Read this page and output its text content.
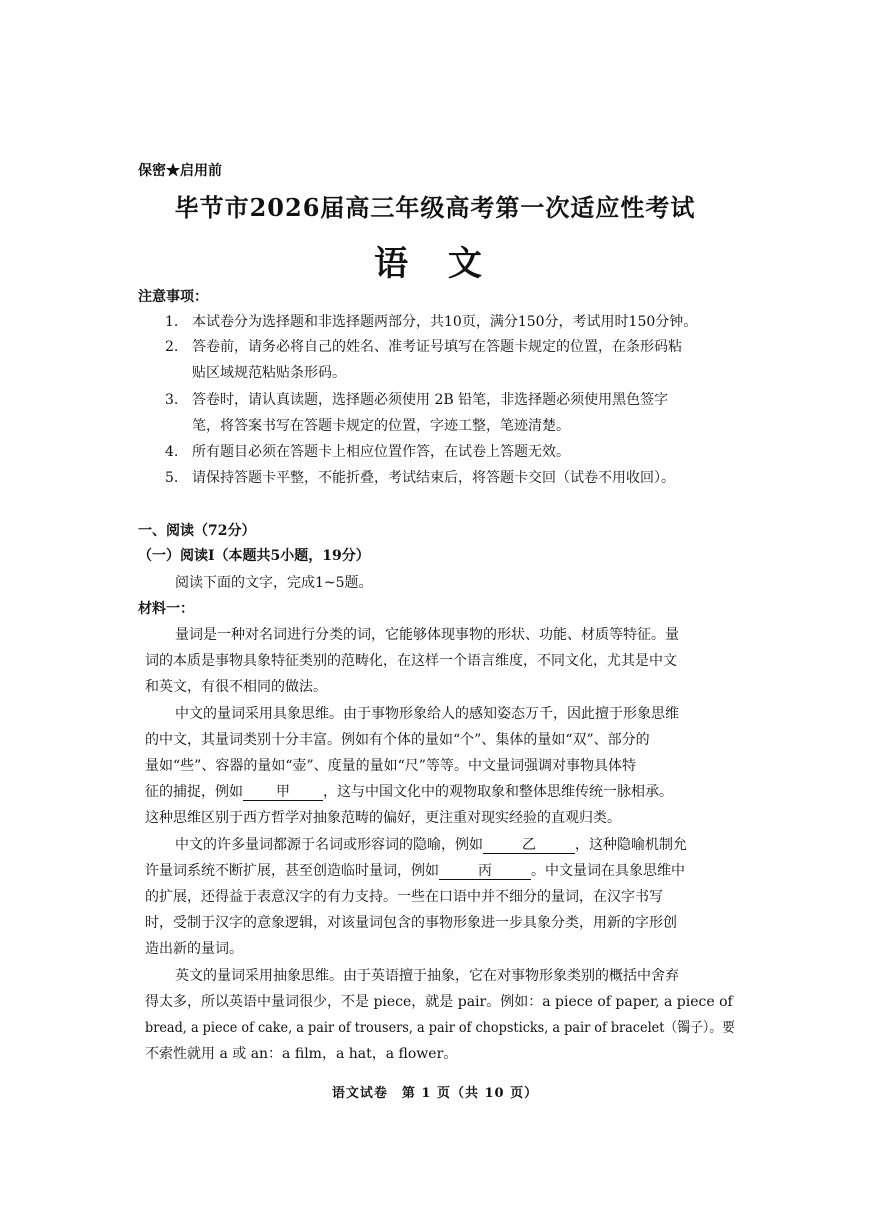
保密★启用前
毕节市2026届高三年级高考第一次适应性考试
语 文
注意事项：
1. 本试卷分为选择题和非选择题两部分，共10页，满分150分，考试用时150分钟。
2. 答卷前，请务必将自己的姓名、准考证号填写在答题卡规定的位置，在条形码粘
贴区域规范粘贴条形码。
3. 答卷时，请认真读题，选择题必须使用 2B 铅笔，非选择题必须使用黑色签字
笔，将答案书写在答题卡规定的位置，字迹工整，笔迹清楚。
4. 所有题目必须在答题卡上相应位置作答，在试卷上答题无效。
5. 请保持答题卡平整，不能折叠，考试结束后，将答题卡交回（试卷不用收回）。
一、阅读（72分）
（一）阅读Ⅰ（本题共5小题，19分）
阅读下面的文字，完成1~5题。
材料一：
量词是一种对名词进行分类的词，它能够体现事物的形状、功能、材质等特征。量
词的本质是事物具象特征类别的范畴化，在这样一个语言维度，不同文化，尤其是中文
和英文，有很不相同的做法。
中文的量词采用具象思维。由于事物形象给人的感知姿态万千，因此擅于形象思维
的中文，其量词类别十分丰富。例如有个体的量如“个”、集体的量如“双”、部分的
量如“些”、容器的量如“壶”、度量的量如“尺”等等。中文量词强调对事物具体特
征的捕捉，例如 甲 ，这与中国文化中的观物取象和整体思维传统一脉相承。
这种思维区别于西方哲学对抽象范畴的偏好，更注重对现实经验的直观归类。
中文的许多量词都源于名词或形容词的隐喻，例如	乙	，这种隐喻机制允
许量词系统不断扩展，甚至创造临时量词，例如	丙	。中文量词在具象思维中
的扩展，还得益于表意汉字的有力支持。一些在口语中并不细分的量词，在汉字书写
时，受制于汉字的意象逻辑，对该量词包含的事物形象进一步具象分类，用新的字形创
造出新的量词。
英文的量词采用抽象思维。由于英语擅于抽象，它在对事物形象类别的概括中舍弃
得太多，所以英语中量词很少，不是 piece，就是 pair。例如：a piece of paper, a piece of
bread, a piece of cake, a pair of trousers, a pair of chopsticks, a pair of bracelet（镯子）。要
不索性就用 a 或 an：a film，a hat，a flower。
语文试卷　第 1 页（共 10 页）
